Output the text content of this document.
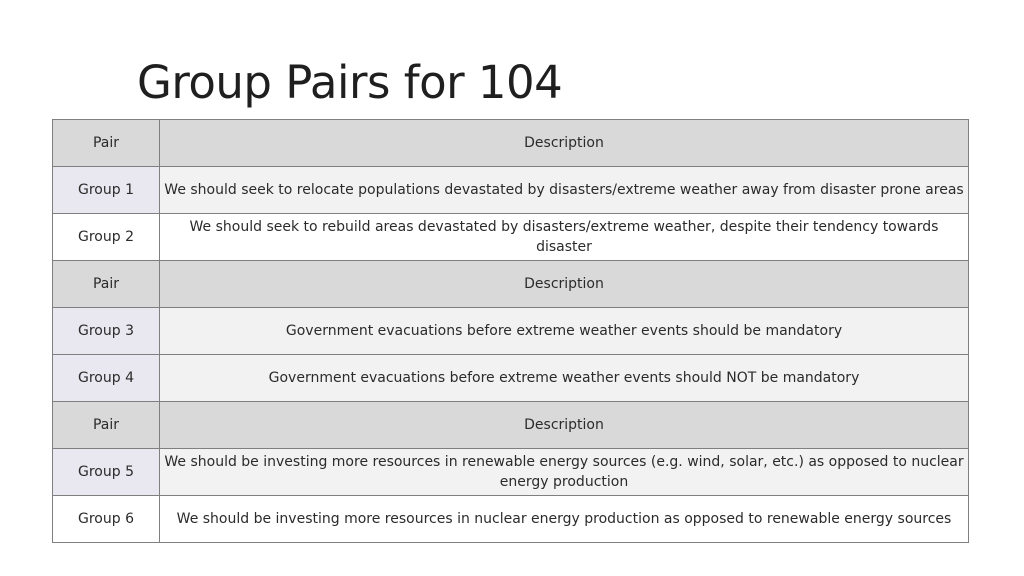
Group Pairs for 104
Pair	Description
Group 1	We should seek to relocate populations devastated by disasters/extreme weather away from disaster prone areas
Group 2	We should seek to rebuild areas devastated by disasters/extreme weather, despite their tendency towards disaster
Pair	Description
Group 3	Government evacuations before extreme weather events should be mandatory
Group 4	Government evacuations before extreme weather events should NOT be mandatory
Pair	Description
Group 5	We should be investing more resources in renewable energy sources (e.g. wind, solar, etc.) as opposed to nuclear energy production
Group 6	We should be investing more resources in nuclear energy production as opposed to renewable energy sources
